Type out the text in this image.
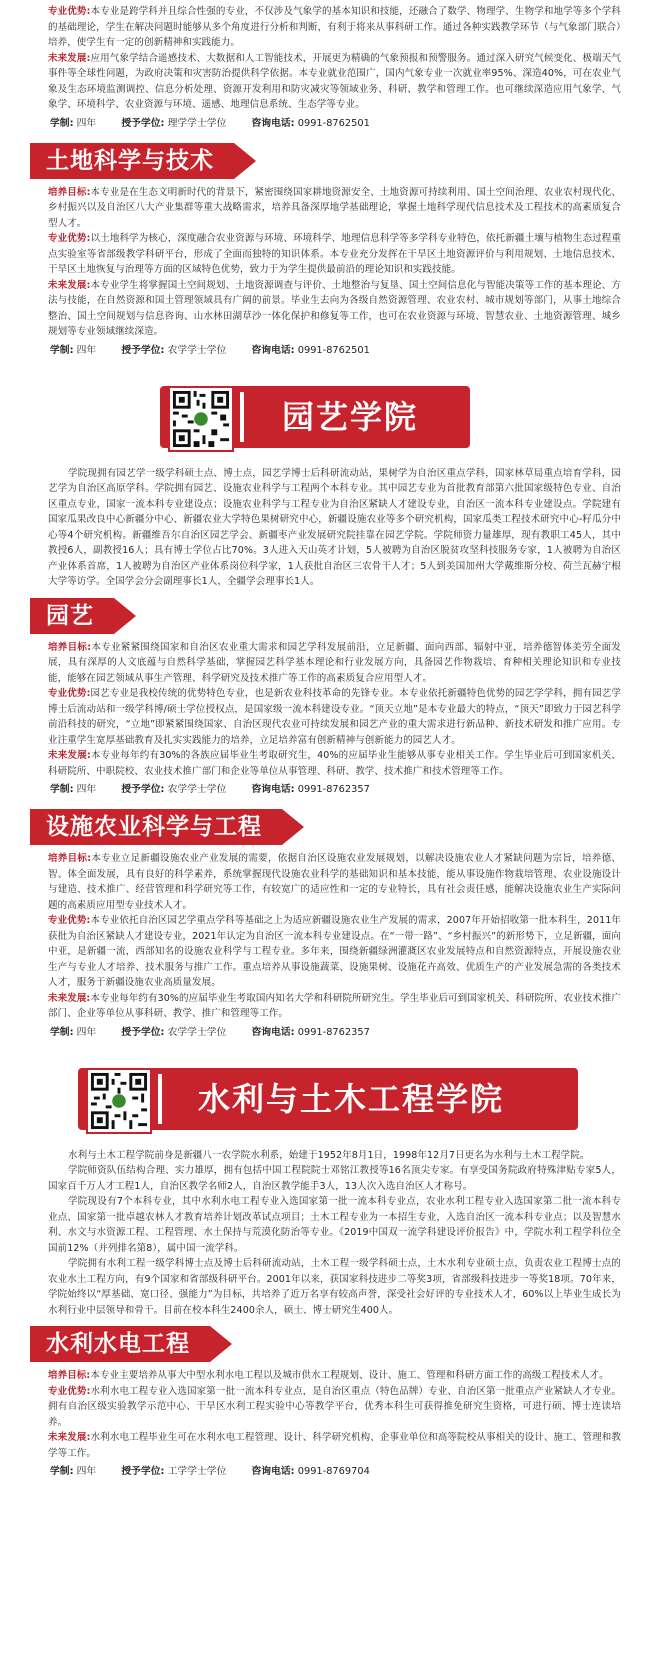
专业优势:本专业是跨学科并且综合性强的专业，不仅涉及气象学的基本知识和技能，还融合了数学、物理学、生物学和地学等多个学科的基础理论，学生在解决问题时能够从多个角度进行分析和判断，有利于将来从事科研工作。通过各种实践教学环节（与气象部门联合）培养，使学生有一定的创新精神和实践能力。

未来发展:应用气象学结合遥感技术、大数据和人工智能技术，开展更为精确的气象预报和预警服务。通过深入研究气候变化、极端天气事件等全球性问题，为政府决策和灾害防治提供科学依据。本专业就业范围广，国内气象专业一次就业率95%、深造40%，可在农业气象及生态环境监测调控、信息分析处理、资源开发利用和防灾减灾等领域业务、科研、教学和管理工作。也可继续深造应用气象学、气象学、环境科学、农业资源与环境、遥感、地理信息系统、生态学等专业。

学制: 四年	授予学位: 理学学士学位	咨询电话: 0991-8762501
土地科学与技术

培养目标:本专业是在生态文明新时代的背景下，紧密围绕国家耕地资源安全、土地资源可持续利用、国土空间治理、农业农村现代化、乡村振兴以及自治区八大产业集群等重大战略需求，培养具备深厚地学基础理论，掌握土地科学现代信息技术及工程技术的高素质复合型人才。

专业优势:以土地科学为核心，深度融合农业资源与环境、环境科学、地理信息科学等多学科专业特色，依托新疆土壤与植物生态过程重点实验室等省部级教学科研平台，形成了全面而独特的知识体系。本专业充分发挥在干旱区土地资源评价与利用规划、土地信息技术、干旱区土地恢复与治理等方面的区域特色优势，致力于为学生提供最前沿的理论知识和实践技能。

未来发展:本专业学生将掌握国土空间规划、土地资源调查与评价、土地整治与复垦、国土空间信息化与智能决策等工作的基本理论、方法与技能，在自然资源和国土管理领域具有广阔的前景。毕业生去向为各级自然资源管理、农业农村、城市规划等部门，从事土地综合整治、国土空间规划与信息咨询、山水林田湖草沙一体化保护和修复等工作，也可在农业资源与环境、智慧农业、土地资源管理、城乡规划等专业领域继续深造。

学制: 四年	授予学位: 农学学士学位	咨询电话: 0991-8762501
园艺学院

学院现拥有园艺学一级学科硕士点、博士点，园艺学博士后科研流动站，果树学为自治区重点学科，国家林草局重点培育学科，园艺学为自治区高原学科。学院拥有园艺、设施农业科学与工程两个本科专业。其中园艺专业为首批教育部第六批国家级特色专业、自治区重点专业，国家一流本科专业建设点；设施农业科学与工程专业为自治区紧缺人才建设专业，自治区一流本科专业建设点。学院建有国家瓜果改良中心新疆分中心、新疆农业大学特色果树研究中心，新疆设施农业等多个研究机构，国家瓜类工程技术研究中心-籽瓜分中心等4个研究机构。新疆维吾尔自治区园艺学会、新疆枣产业发展研究院挂靠在园艺学院。学院师资力量雄厚，现有教职工45人，其中教授6人，副教授16人；具有博士学位占比70%。3人进入天山英才计划，5人被聘为自治区脱贫攻坚科技服务专家，1人被聘为自治区产业体系首席，1人被聘为自治区产业体系岗位科学家，1人获批自治区三农骨干人才；5人到美国加州大学戴维斯分校、荷兰瓦赫宁根大学等访学。全国学会分会副理事长1人，全疆学会理事长1人。

园艺

培养目标:本专业紧紧围绕国家和自治区农业重大需求和园艺学科发展前沿，立足新疆、面向西部、辐射中亚，培养德智体美劳全面发展，具有深厚的人文底蕴与自然科学基础，掌握园艺科学基本理论和行业发展方向，具备园艺作物栽培、育种相关理论知识和专业技能，能够在园艺领域从事生产管理、科学研究及技术推广等工作的高素质复合应用型人才。

专业优势:园艺专业是我校传统的优势特色专业，也是新农业科技革命的先锋专业。本专业依托新疆特色优势的园艺学学科，拥有园艺学博士后流动站和一级学科博/硕士学位授权点，是国家级一流本科建设专业。“顶天立地”是本专业最大的特点，“顶天”即致力于园艺科学前沿科技的研究，“立地”即紧紧围绕国家、自治区现代农业可持续发展和园艺产业的重大需求进行新品种、新技术研发和推广应用。专业注重学生宽厚基础教育及扎实实践能力的培养，立足培养富有创新精神与创新能力的园艺人才。

未来发展:本专业每年约有30%的各族应届毕业生考取研究生，40%的应届毕业生能够从事专业相关工作。学生毕业后可到国家机关、科研院所、中职院校、农业技术推广部门和企业等单位从事管理、科研、教学、技术推广和技术管理等工作。

学制: 四年	授予学位: 农学学士学位	咨询电话: 0991-8762357
设施农业科学与工程

培养目标:本专业立足新疆设施农业产业发展的需要，依据自治区设施农业发展规划，以解决设施农业人才紧缺问题为宗旨，培养德、智、体全面发展，具有良好的科学素养，系统掌握现代设施农业科学的基础知识和基本技能，能从事设施作物栽培管理、农业设施设计与建造、技术推广、经营管理和科学研究等工作，有较宽广的适应性和一定的专业特长，具有社会责任感，能解决设施农业生产实际问题的高素质应用型专业技术人才。

专业优势:本专业依托自治区园艺学重点学科等基础之上为适应新疆设施农业生产发展的需求，2007年开始招收第一批本科生，2011年获批为自治区紧缺人才建设专业，2021年认定为自治区一流本科专业建设点。在“一带一路”、“乡村振兴”的新形势下，立足新疆，面向中亚，是新疆一流，西部知名的设施农业科学与工程专业。多年来，围绕新疆绿洲灌溉区农业发展特点和自然资源特点，开展设施农业生产与专业人才培养、技术服务与推广工作。重点培养从事设施蔬菜、设施果树、设施花卉高效、优质生产的产业发展急需的各类技术人才，服务于新疆设施农业高质量发展。

未来发展:本专业每年约有30%的应届毕业生考取国内知名大学和科研院所研究生。学生毕业后可到国家机关、科研院所、农业技术推广部门、企业等单位从事科研、教学、推广和管理等工作。

学制: 四年	授予学位: 农学学士学位	咨询电话: 0991-8762357
水利与土木工程学院

水利与土木工程学院前身是新疆八一农学院水利系，始建于1952年8月1日，1998年12月7日更名为水利与土木工程学院。

学院师资队伍结构合理、实力雄厚，拥有包括中国工程院院士邓铭江教授等16名顶尖专家。有享受国务院政府特殊津贴专家5人，国家百千万人才工程1人，自治区教学名师2人，自治区教学能手3人，13人次入选自治区人才称号。

学院现设有7个本科专业，其中水利水电工程专业入选国家第一批一流本科专业点，农业水利工程专业入选国家第二批一流本科专业点、国家第一批卓越农林人才教育培养计划改革试点项目；土木工程专业为一本招生专业，入选自治区一流本科专业点；以及智慧水利、水文与水资源工程、工程管理、水土保持与荒漠化防治等专业。《2019中国双一流学科建设评价报告》中，学院水利工程学科位全国前12%（并列排名第8），属中国一流学科。

学院拥有水利工程一级学科博士点及博士后科研流动站，土木工程一级学科硕士点，土木水利专业硕士点，负责农业工程博士点的农业水土工程方向，有9个国家和省部级科研平台。2001年以来，获国家科技进步二等奖3项，省部级科技进步一等奖18项。70年来，学院始终以“厚基础、宽口径、强能力”为目标，共培养了近万名享有较高声誉，深受社会好评的专业技术人才，60%以上毕业生成长为水利行业中层领导和骨干。目前在校本科生2400余人，硕士、博士研究生400人。

水利水电工程

培养目标:本专业主要培养从事大中型水利水电工程以及城市供水工程规划、设计、施工、管理和科研方面工作的高级工程技术人才。

专业优势:水利水电工程专业入选国家第一批一流本科专业点，是自治区重点（特色品牌）专业、自治区第一批重点产业紧缺人才专业。拥有自治区级实验教学示范中心、干旱区水利工程实验中心等教学平台，优秀本科生可获得推免研究生资格，可进行硕、博士连读培养。

未来发展:水利水电工程毕业生可在水利水电工程管理、设计、科学研究机构、企事业单位和高等院校从事相关的设计、施工、管理和教学等工作。

学制: 四年	授予学位: 工学学士学位	咨询电话: 0991-8769704
